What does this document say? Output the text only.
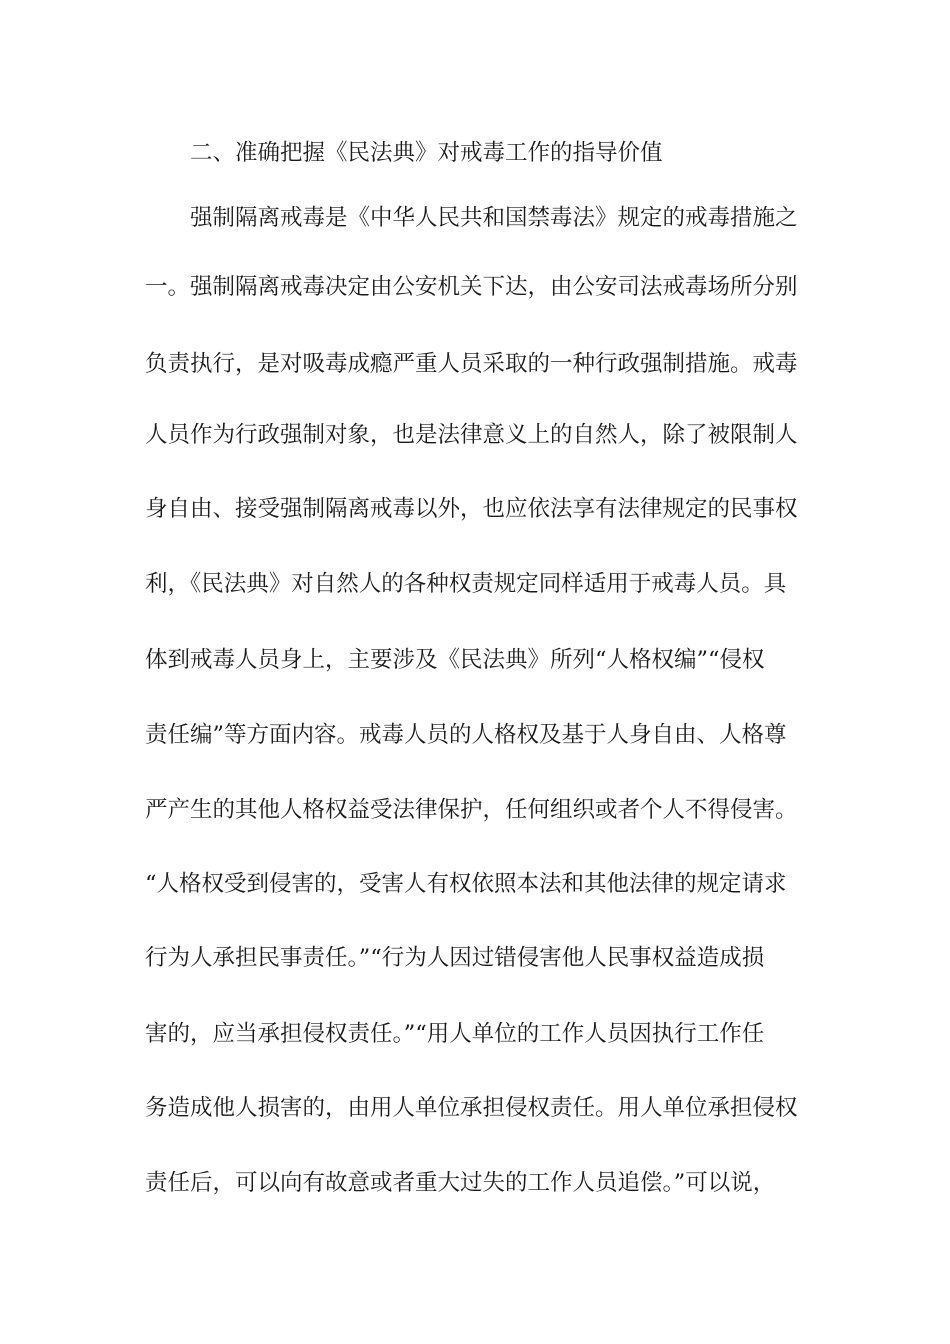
二、准确把握《民法典》对戒毒工作的指导价值
强制隔离戒毒是《中华人民共和国禁毒法》规定的戒毒措施之
一。强制隔离戒毒决定由公安机关下达，由公安司法戒毒场所分别
负责执行，是对吸毒成瘾严重人员采取的一种行政强制措施。戒毒
人员作为行政强制对象，也是法律意义上的自然人，除了被限制人
身自由、接受强制隔离戒毒以外，也应依法享有法律规定的民事权
利，《民法典》对自然人的各种权责规定同样适用于戒毒人员。具
体到戒毒人员身上，主要涉及《民法典》所列“人格权编”“侵权
责任编”等方面内容。戒毒人员的人格权及基于人身自由、人格尊
严产生的其他人格权益受法律保护，任何组织或者个人不得侵害。
“人格权受到侵害的，受害人有权依照本法和其他法律的规定请求
行为人承担民事责任。”“行为人因过错侵害他人民事权益造成损
害的，应当承担侵权责任。”“用人单位的工作人员因执行工作任
务造成他人损害的，由用人单位承担侵权责任。用人单位承担侵权
责任后，可以向有故意或者重大过失的工作人员追偿。”可以说，
